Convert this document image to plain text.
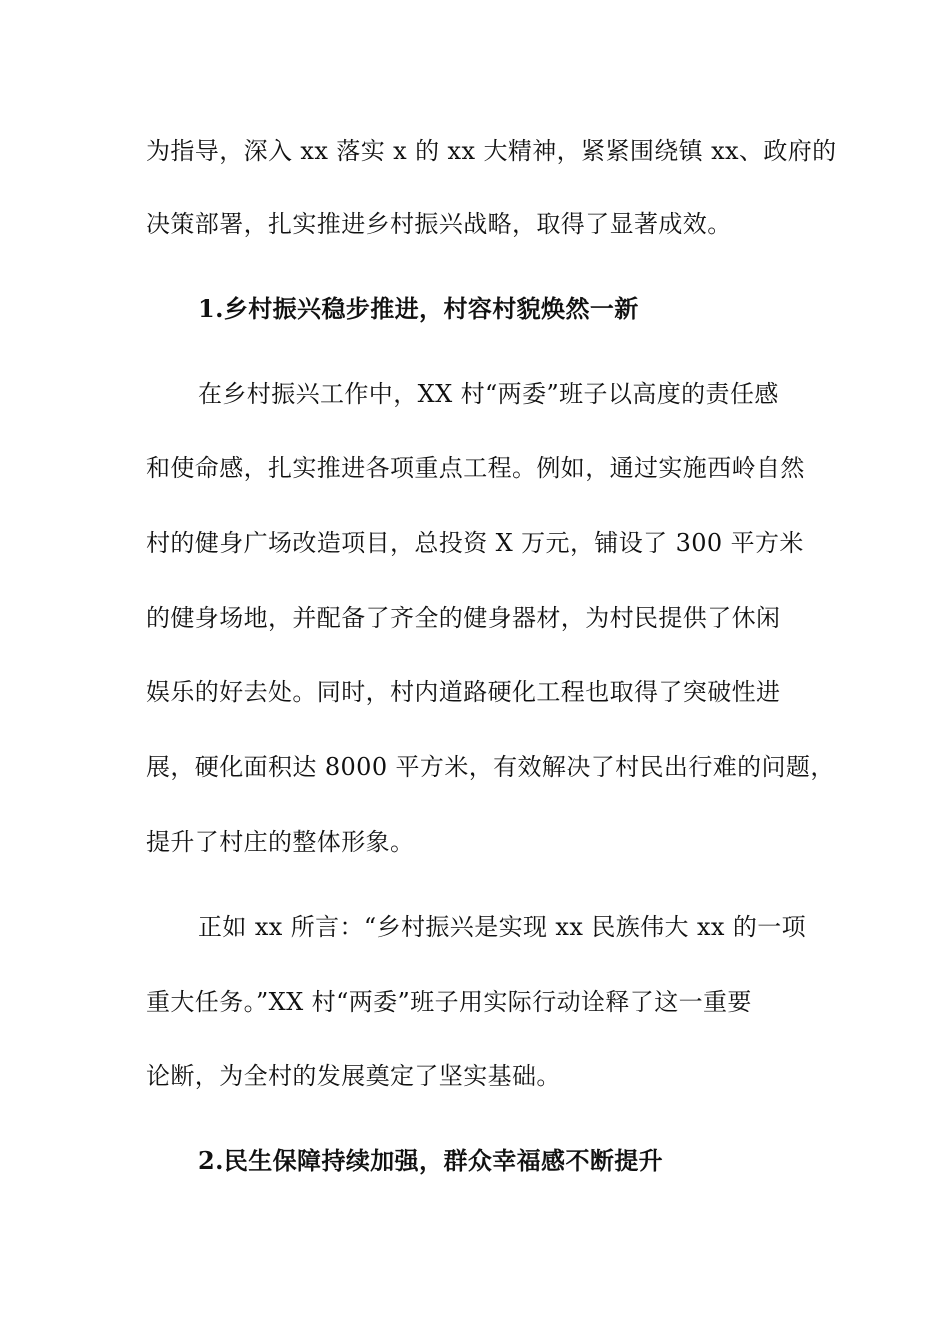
为指导，深入 xx 落实 x 的 xx 大精神，紧紧围绕镇 xx、政府的
决策部署，扎实推进乡村振兴战略，取得了显著成效。
1.乡村振兴稳步推进，村容村貌焕然一新
在乡村振兴工作中，XX 村“两委”班子以高度的责任感
和使命感，扎实推进各项重点工程。例如，通过实施西岭自然
村的健身广场改造项目，总投资 X 万元，铺设了 300 平方米
的健身场地，并配备了齐全的健身器材，为村民提供了休闲
娱乐的好去处。同时，村内道路硬化工程也取得了突破性进
展，硬化面积达 8000 平方米，有效解决了村民出行难的问题，
提升了村庄的整体形象。
正如 xx 所言：“乡村振兴是实现 xx 民族伟大 xx 的一项
重大任务。”XX 村“两委”班子用实际行动诠释了这一重要
论断，为全村的发展奠定了坚实基础。
2.民生保障持续加强，群众幸福感不断提升
